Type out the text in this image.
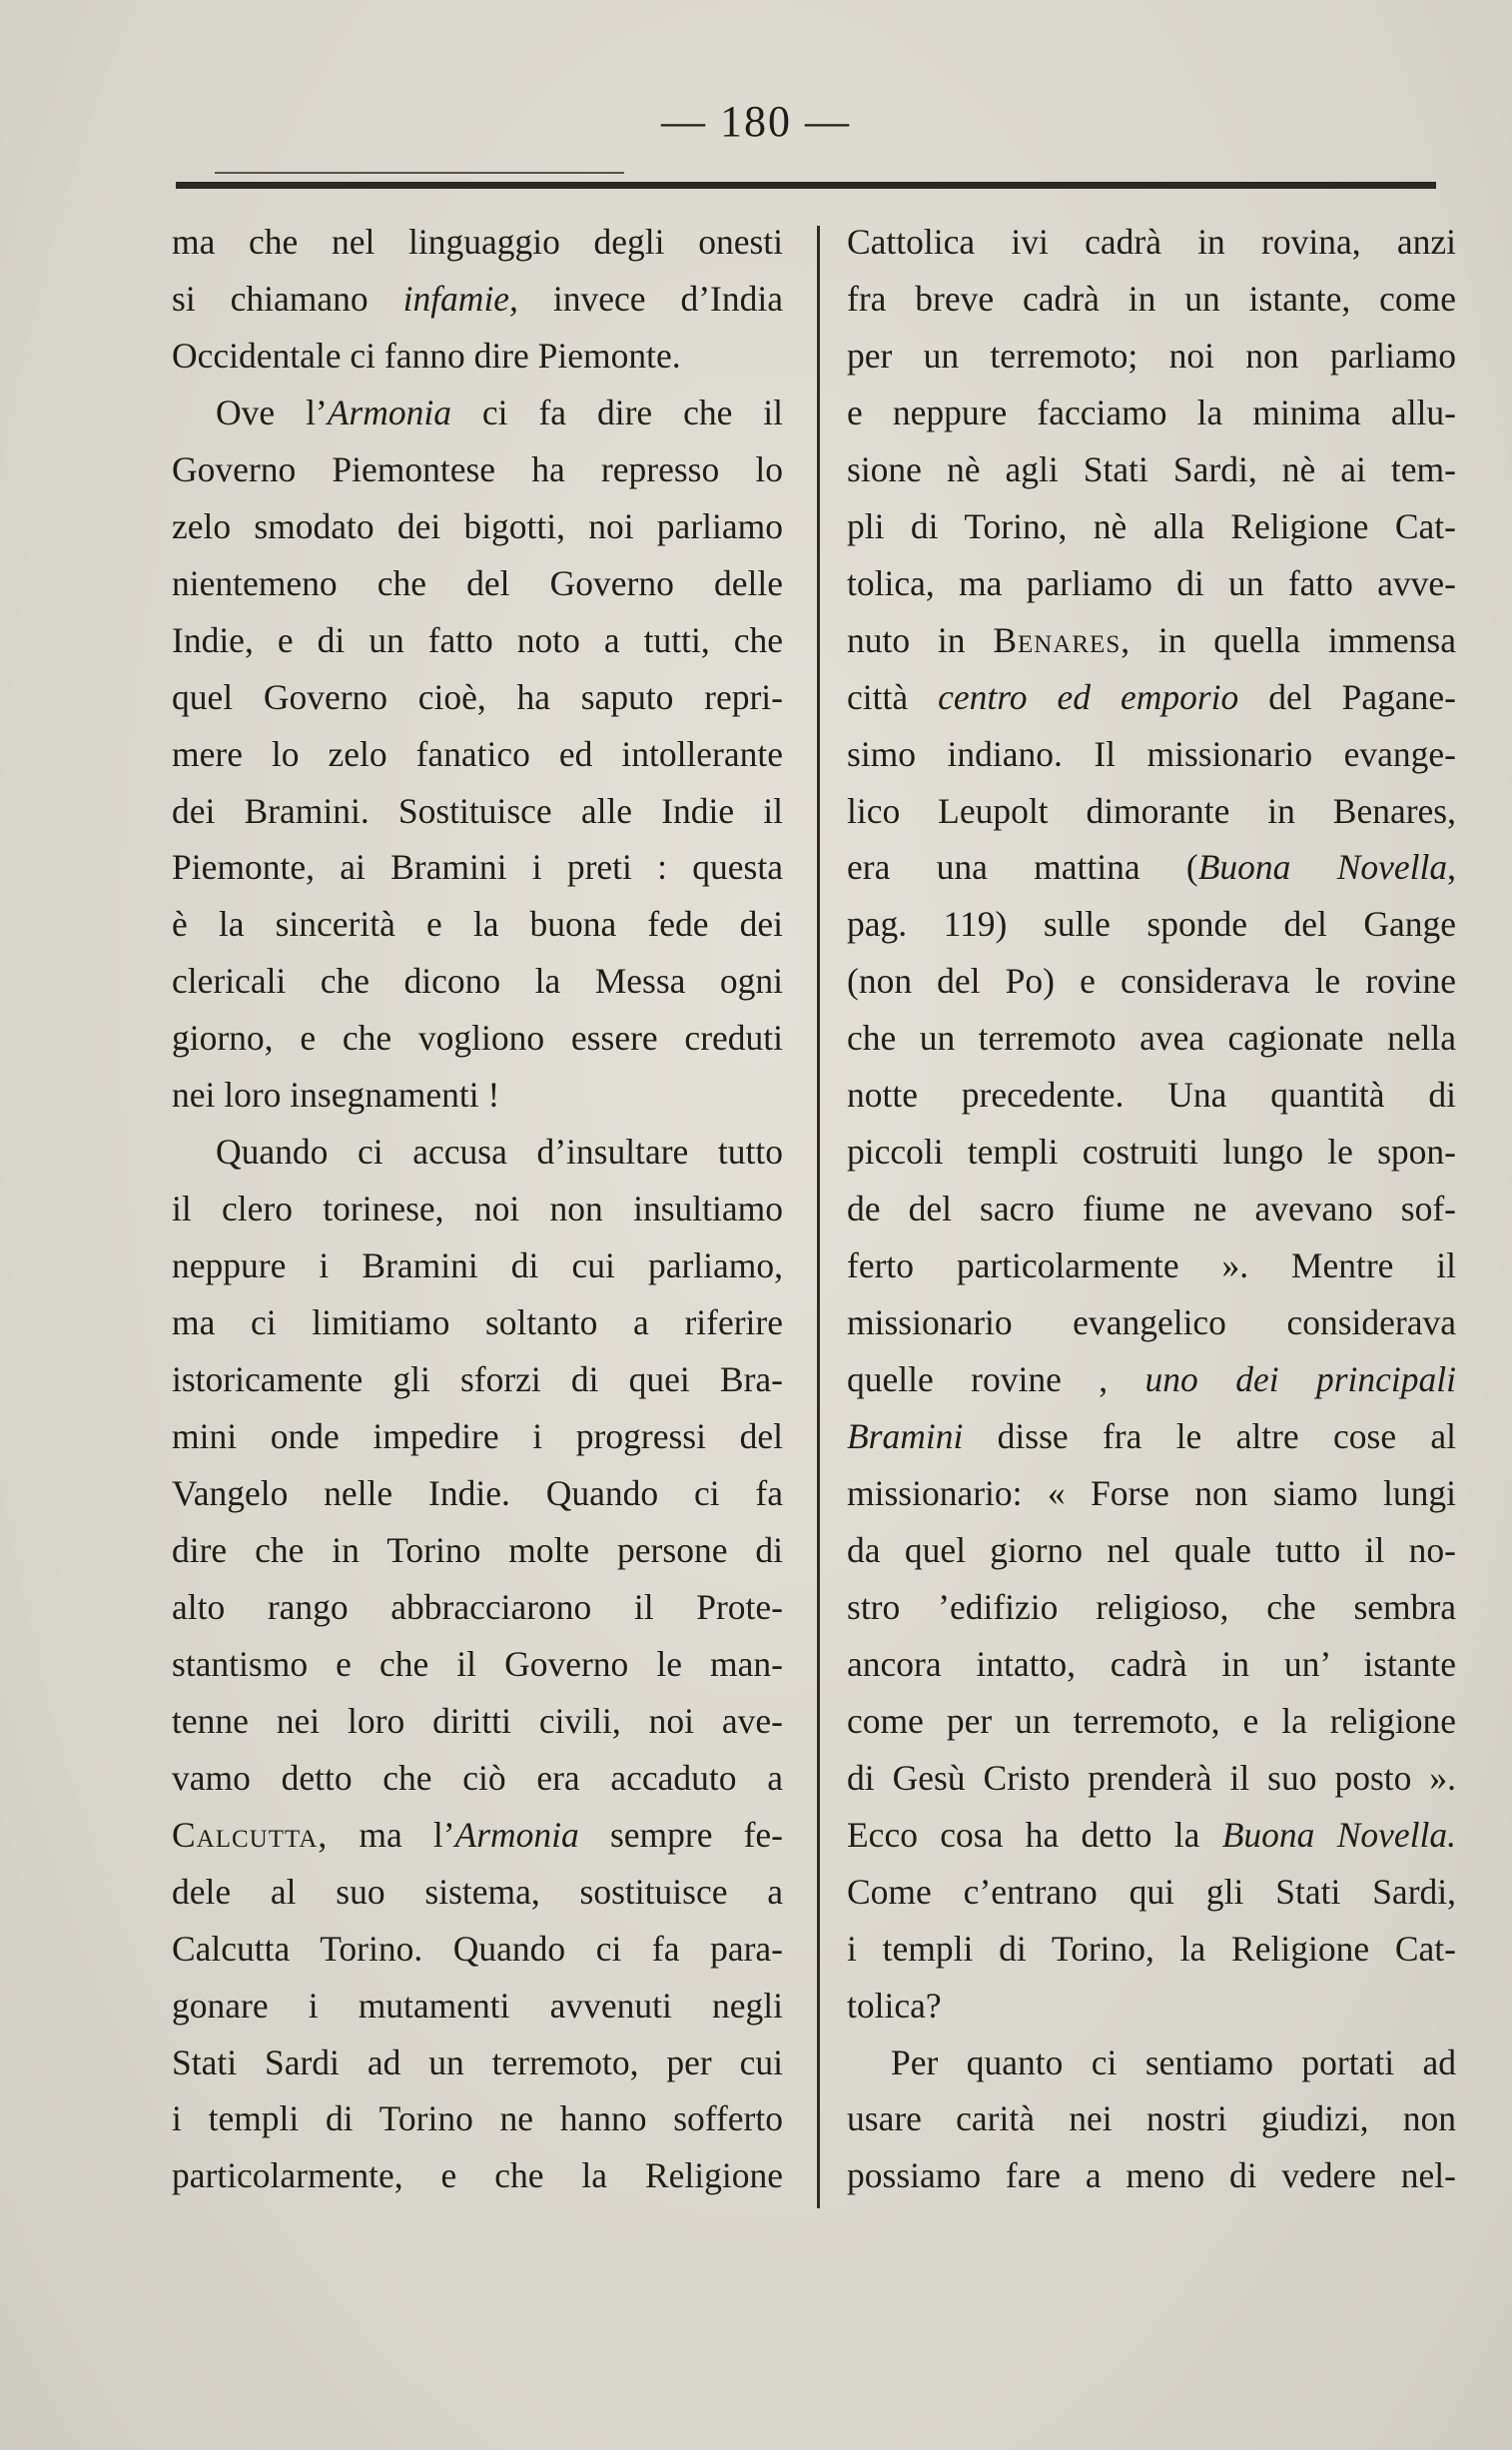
— 180 —
ma che nel linguaggio degli onesti
si chiamano infamie, invece d’India
Occidentale ci fanno dire Piemonte.
Ove l’Armonia ci fa dire che il
Governo Piemontese ha represso lo
zelo smodato dei bigotti, noi parliamo
nientemeno che del Governo delle
Indie, e di un fatto noto a tutti, che
quel Governo cioè, ha saputo repri-
mere lo zelo fanatico ed intollerante
dei Bramini. Sostituisce alle Indie il
Piemonte, ai Bramini i preti : questa
è la sincerità e la buona fede dei
clericali che dicono la Messa ogni
giorno, e che vogliono essere creduti
nei loro insegnamenti !
Quando ci accusa d’insultare tutto
il clero torinese, noi non insultiamo
neppure i Bramini di cui parliamo,
ma ci limitiamo soltanto a riferire
istoricamente gli sforzi di quei Bra-
mini onde impedire i progressi del
Vangelo nelle Indie. Quando ci fa
dire che in Torino molte persone di
alto rango abbracciarono il Prote-
stantismo e che il Governo le man-
tenne nei loro diritti civili, noi ave-
vamo detto che ciò era accaduto a
Calcutta, ma l’Armonia sempre fe-
dele al suo sistema, sostituisce a
Calcutta Torino. Quando ci fa para-
gonare i mutamenti avvenuti negli
Stati Sardi ad un terremoto, per cui
i templi di Torino ne hanno sofferto
particolarmente, e che la Religione
Cattolica ivi cadrà in rovina, anzi
fra breve cadrà in un istante, come
per un terremoto; noi non parliamo
e neppure facciamo la minima allu-
sione nè agli Stati Sardi, nè ai tem-
pli di Torino, nè alla Religione Cat-
tolica, ma parliamo di un fatto avve-
nuto in Benares, in quella immensa
città centro ed emporio del Pagane-
simo indiano. Il missionario evange-
lico Leupolt dimorante in Benares,
era una mattina (Buona Novella,
pag. 119) sulle sponde del Gange
(non del Po) e considerava le rovine
che un terremoto avea cagionate nella
notte precedente. Una quantità di
piccoli templi costruiti lungo le spon-
de del sacro fiume ne avevano sof-
ferto particolarmente ». Mentre il
missionario evangelico considerava
quelle rovine , uno dei principali
Bramini disse fra le altre cose al
missionario: « Forse non siamo lungi
da quel giorno nel quale tutto il no-
stro ’edifizio religioso, che sembra
ancora intatto, cadrà in un’ istante
come per un terremoto, e la religione
di Gesù Cristo prenderà il suo posto ».
Ecco cosa ha detto la Buona Novella.
Come c’entrano qui gli Stati Sardi,
i templi di Torino, la Religione Cat-
tolica?
Per quanto ci sentiamo portati ad
usare carità nei nostri giudizi, non
possiamo fare a meno di vedere nel-
